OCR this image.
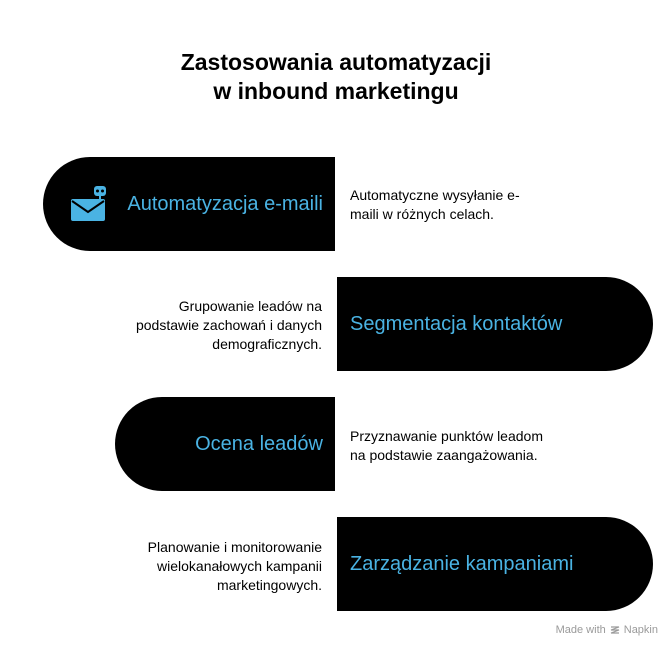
Zastosowania automatyzacji
w inbound marketingu
Automatyzacja e-maili Automatyczne wysyłanie e-
maili w różnych celach.
Segmentacja kontaktów
Grupowanie leadów na
podstawie zachowań i danych
demograficznych.
Ocena leadów Przyznawanie punktów leadom
na podstawie zaangażowania.
Zarządzanie kampaniami
Planowanie i monitorowanie
wielokanałowych kampanii
marketingowych.
Made with Napkin
